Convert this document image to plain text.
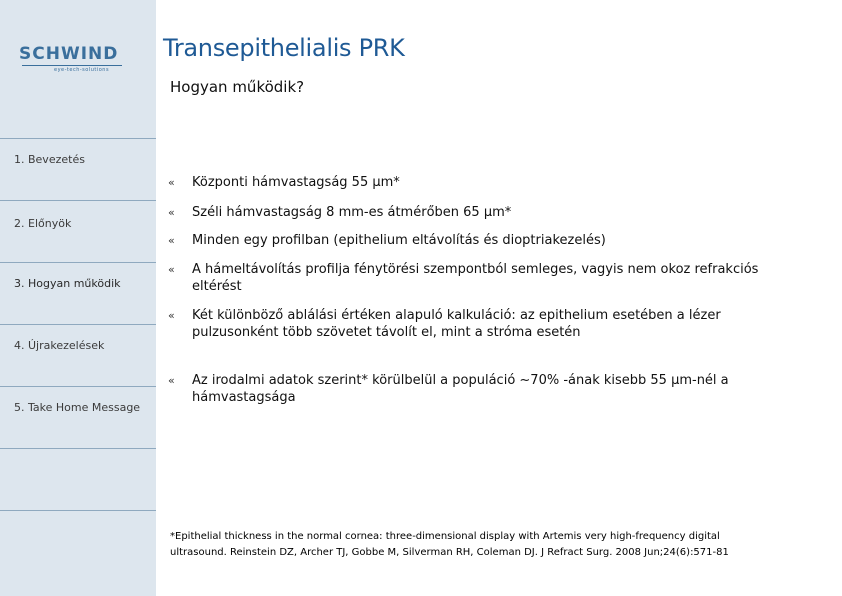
SCHWIND
eye-tech-solutions
1. Bevezetés
2. Előnyök
3. Hogyan működik
4. Újrakezelések
5. Take Home Message
Transepithelialis PRK
Hogyan működik?
«	Központi hámvastagság 55 µm*
«	Széli hámvastagság 8 mm-es átmérőben 65 µm*
«	Minden egy profilban (epithelium eltávolítás és dioptriakezelés)
«	A hámeltávolítás profilja fénytörési szempontból semleges, vagyis nem okoz refrakciós
eltérést
«	Két különböző ablálási értéken alapuló kalkuláció: az epithelium esetében a lézer
pulzusonként több szövetet távolít el, mint a stróma esetén
«	Az irodalmi adatok szerint* körülbelül a populáció ~70% -ának kisebb 55 µm-nél a
hámvastagsága
*Epithelial thickness in the normal cornea: three-dimensional display with Artemis very high-frequency digital
ultrasound. Reinstein DZ, Archer TJ, Gobbe M, Silverman RH, Coleman DJ. J Refract Surg. 2008 Jun;24(6):571-81
